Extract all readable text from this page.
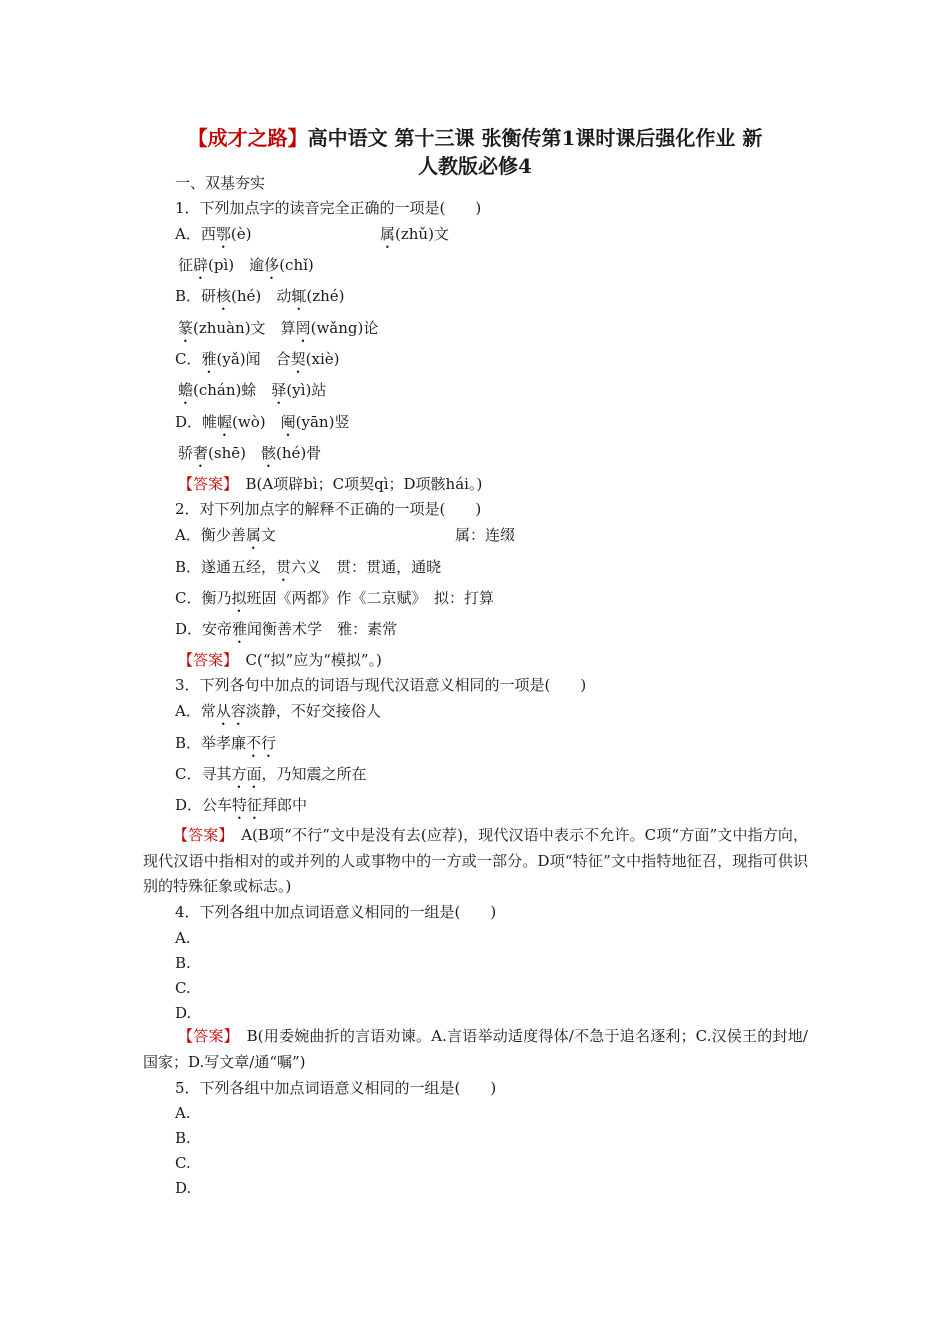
【成才之路】高中语文 第十三课 张衡传第1课时课后强化作业 新
人教版必修4
一、双基夯实
1．下列加点字的读音完全正确的一项是(　　)
A．西鄂(è)	属(zhǔ)文
征辟(pì)　 逾侈(chǐ)
B．研核(hé)　 动辄(zhé)
篆(zhuàn)文　 算罔(wǎng)论
C．雅(yǎ)闻　 合契(xiè)
蟾(chán)蜍　 驿(yì)站
D．帷幄(wò)　 阉(yān)竖
骄奢(shē)　 骸(hé)骨
【答案】　 B(A项辟bì；C项契qì；D项骸hái。)
2．对下列加点字的解释不正确的一项是(　　)
A．衡少善属文	属：连缀
B．遂通五经，贯六义　 贯：贯通，通晓
C．衡乃拟班固《两都》作《二京赋》　 拟：打算
D．安帝雅闻衡善术学　 雅：素常
【答案】　 C(“拟”应为“模拟”。)
3．下列各句中加点的词语与现代汉语意义相同的一项是(　　)
A．常从容淡静，不好交接俗人
B．举孝廉不行
C．寻其方面，乃知震之所在
D．公车特征拜郎中
【答案】　 A(B项“不行”文中是没有去(应荐)，现代汉语中表示不允许。C项“方面”文中指方向，现代汉语中指相对的或并列的人或事物中的一方或一部分。D项“特征”文中指特地征召，现指可供识别的特殊征象或标志。)
4．下列各组中加点词语意义相同的一组是(　　)
A.
B.
C.
D.
【答案】　 B(用委婉曲折的言语劝谏。A.言语举动适度得体/不急于追名逐利；C.汉侯王的封地/国家；D.写文章/通“嘱”)
5．下列各组中加点词语意义相同的一组是(　　)
A.
B.
C.
D.
